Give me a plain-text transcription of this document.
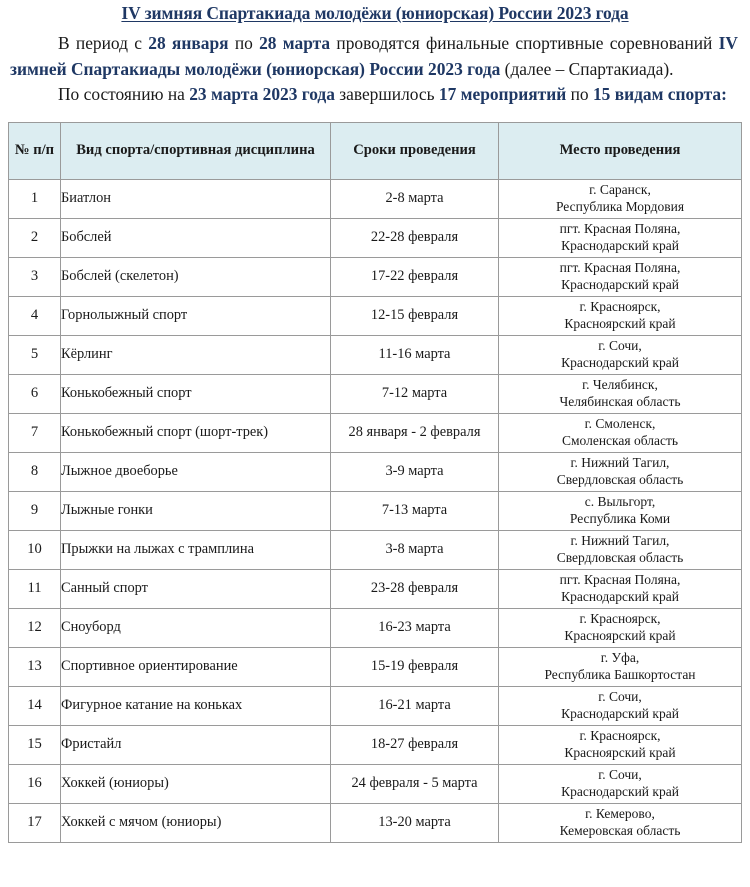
IV зимняя Спартакиада молодёжи (юниорская) России 2023 года

В период с 28 января по 28 марта проводятся финальные спортивные соревнований IV зимней Спартакиады молодёжи (юниорская) России 2023 года (далее – Спартакиада).

По состоянию на 23 марта 2023 года завершилось 17 мероприятий по 15 видам спорта:

№ п/п	Вид спорта/спортивная дисциплина	Сроки проведения	Место проведения
1	Биатлон	2-8 марта	г. Саранск,
Республика Мордовия

2	Бобслей	22-28 февраля	пгт. Красная Поляна,
Краснодарский край

3	Бобслей (скелетон)	17-22 февраля	пгт. Красная Поляна,
Краснодарский край

4	Горнолыжный спорт	12-15 февраля	г. Красноярск,
Красноярский край

5	Кёрлинг	11-16 марта	г. Сочи,
Краснодарский край

6	Конькобежный спорт	7-12 марта	г. Челябинск,
Челябинская область

7	Конькобежный спорт (шорт-трек)	28 января - 2 февраля	г. Смоленск,
Смоленская область

8	Лыжное двоеборье	3-9 марта	г. Нижний Тагил,
Свердловская область

9	Лыжные гонки	7-13 марта	с. Выльгорт,
Республика Коми

10	Прыжки на лыжах с трамплина	3-8 марта	г. Нижний Тагил,
Свердловская область

11	Санный спорт	23-28 февраля	пгт. Красная Поляна,
Краснодарский край

12	Сноуборд	16-23 марта	г. Красноярск,
Красноярский край

13	Спортивное ориентирование	15-19 февраля	г. Уфа,
Республика Башкортостан

14	Фигурное катание на коньках	16-21 марта	г. Сочи,
Краснодарский край

15	Фристайл	18-27 февраля	г. Красноярск,
Красноярский край

16	Хоккей (юниоры)	24 февраля - 5 марта	г. Сочи,
Краснодарский край

17	Хоккей с мячом (юниоры)	13-20 марта	г. Кемерово,
Кемеровская область
